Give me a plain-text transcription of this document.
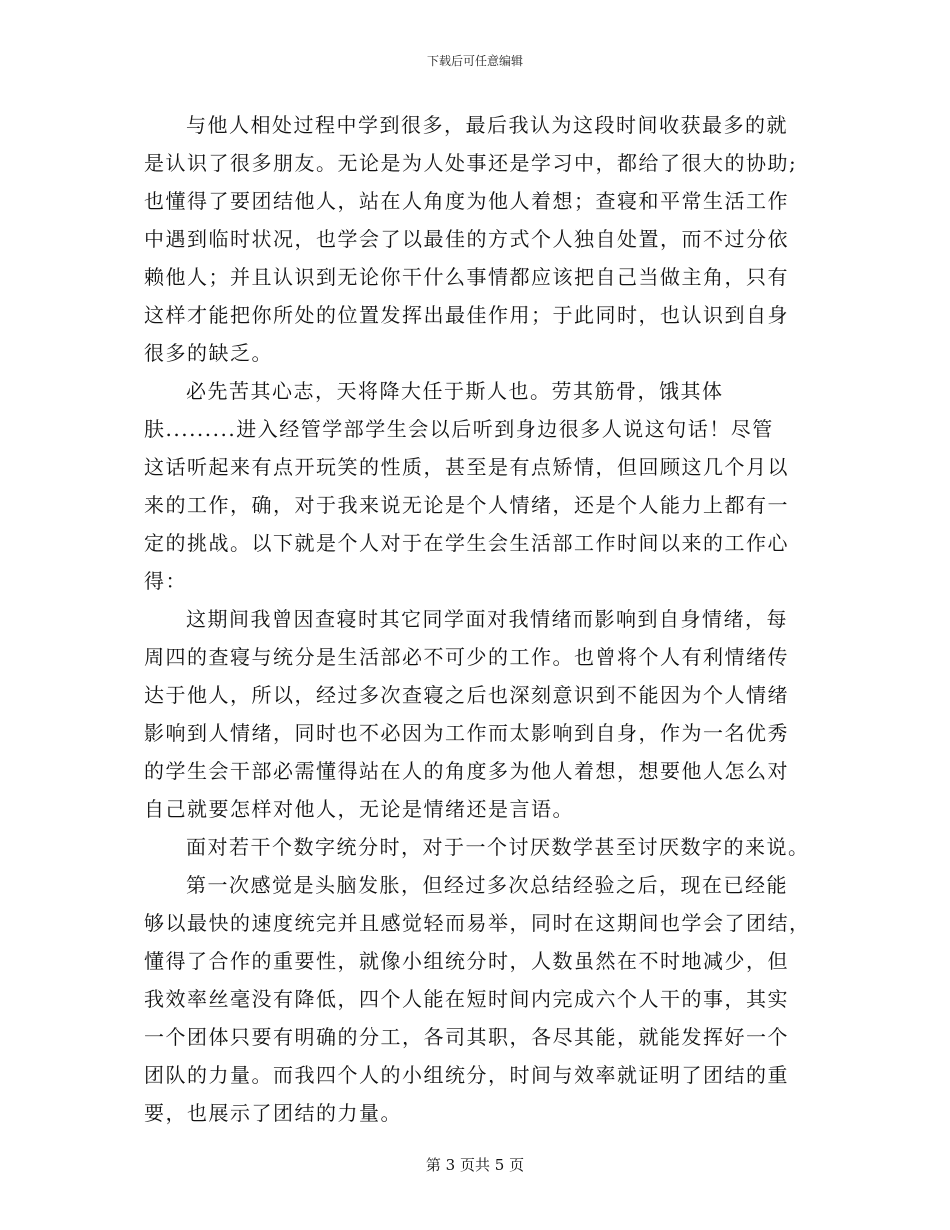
下载后可任意编辑
与他人相处过程中学到很多，最后我认为这段时间收获最多的就
是认识了很多朋友。无论是为人处事还是学习中，都给了很大的协助;
也懂得了要团结他人，站在人角度为他人着想；查寝和平常生活工作
中遇到临时状况，也学会了以最佳的方式个人独自处置，而不过分依
赖他人；并且认识到无论你干什么事情都应该把自己当做主角，只有
这样才能把你所处的位置发挥出最佳作用；于此同时，也认识到自身
很多的缺乏。
必先苦其心志，天将降大任于斯人也。劳其筋骨，饿其体
肤.........进入经管学部学生会以后听到身边很多人说这句话！尽管
这话听起来有点开玩笑的性质，甚至是有点矫情，但回顾这几个月以
来的工作，确，对于我来说无论是个人情绪，还是个人能力上都有一
定的挑战。以下就是个人对于在学生会生活部工作时间以来的工作心
得：
这期间我曾因查寝时其它同学面对我情绪而影响到自身情绪，每
周四的查寝与统分是生活部必不可少的工作。也曾将个人有利情绪传
达于他人，所以，经过多次查寝之后也深刻意识到不能因为个人情绪
影响到人情绪，同时也不必因为工作而太影响到自身，作为一名优秀
的学生会干部必需懂得站在人的角度多为他人着想，想要他人怎么对
自己就要怎样对他人，无论是情绪还是言语。
面对若干个数字统分时，对于一个讨厌数学甚至讨厌数字的来说。
第一次感觉是头脑发胀，但经过多次总结经验之后，现在已经能
够以最快的速度统完并且感觉轻而易举，同时在这期间也学会了团结，
懂得了合作的重要性，就像小组统分时，人数虽然在不时地减少，但
我效率丝毫没有降低，四个人能在短时间内完成六个人干的事，其实
一个团体只要有明确的分工，各司其职，各尽其能，就能发挥好一个
团队的力量。而我四个人的小组统分，时间与效率就证明了团结的重
要，也展示了团结的力量。
第 3 页共 5 页
